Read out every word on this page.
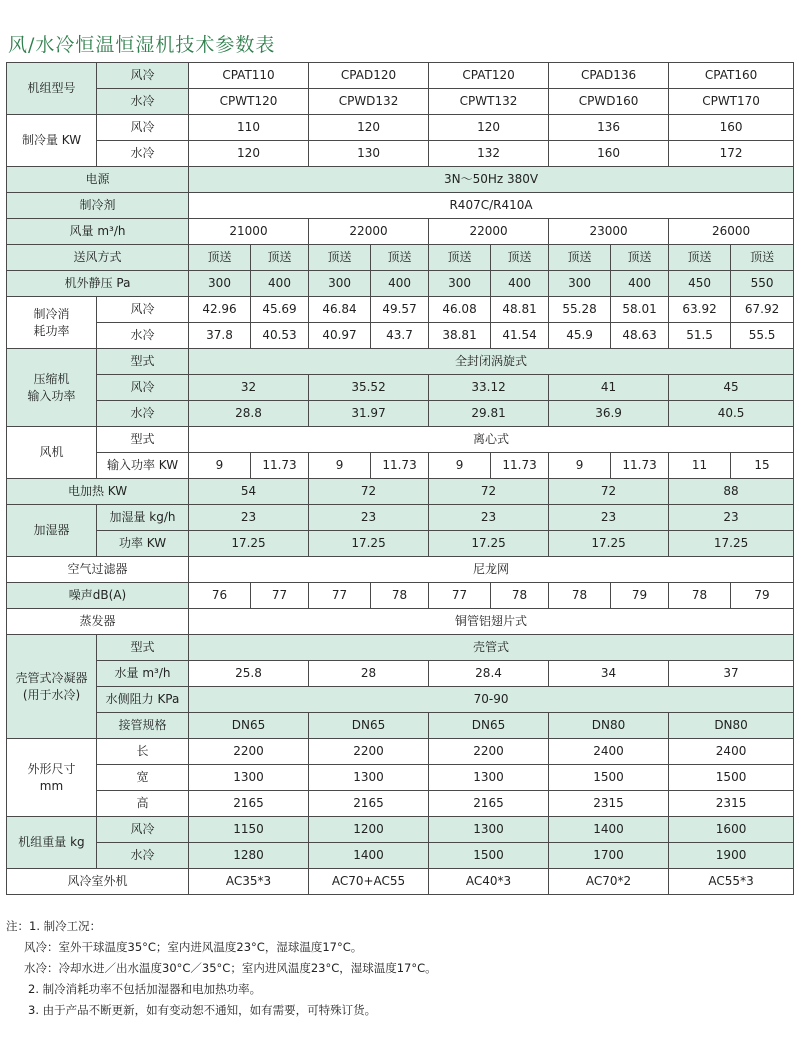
风/水冷恒温恒湿机技术参数表
机组型号	风冷	CPAT110		CPAD120		CPAT120		CPAD136		CPAT160	
	水冷	CPWT120		CPWD132		CPWT132		CPWD160		CPWT170	
制冷量 KW	风冷	110		120		120		136		160	
	水冷	120		130		132		160		172	
电源		3N～50Hz 380V									
制冷剂		R407C/R410A									
风量 m³/h		21000		22000		22000		23000		26000	
送风方式		顶送	顶送	顶送	顶送	顶送	顶送	顶送	顶送	顶送	顶送
机外静压 Pa		300	400	300	400	300	400	300	400	450	550
制冷消
耗功率	风冷	42.96	45.69	46.84	49.57	46.08	48.81	55.28	58.01	63.92	67.92
	水冷	37.8	40.53	40.97	43.7	38.81	41.54	45.9	48.63	51.5	55.5
压缩机
输入功率	型式	全封闭涡旋式									
	风冷	32		35.52		33.12		41		45	
	水冷	28.8		31.97		29.81		36.9		40.5	
风机	型式	离心式									
	输入功率 KW	9	11.73	9	11.73	9	11.73	9	11.73	11	15
电加热 KW		54		72		72		72		88	
加湿器	加湿量 kg/h	23		23		23		23		23	
	功率 KW	17.25		17.25		17.25		17.25		17.25	
空气过滤器		尼龙网									
噪声dB(A)		76	77	77	78	77	78	78	79	78	79
蒸发器		铜管铝翅片式									
壳管式冷凝器
(用于水冷)	型式	壳管式									
	水量 m³/h	25.8		28		28.4		34		37	
	水侧阻力 KPa	70-90									
	接管规格	DN65		DN65		DN65		DN80		DN80	
外形尺寸
mm	长	2200		2200		2200		2400		2400	
	宽	1300		1300		1300		1500		1500	
	高	2165		2165		2165		2315		2315	
机组重量 kg	风冷	1150		1200		1300		1400		1600	
	水冷	1280		1400		1500		1700		1900	
风冷室外机		AC35*3		AC70+AC55		AC40*3		AC70*2		AC55*3	
注：1. 制冷工况：
风冷：室外干球温度35°C；室内进风温度23°C，湿球温度17°C。
水冷：冷却水进／出水温度30°C／35°C；室内进风温度23°C，湿球温度17°C。
2. 制冷消耗功率不包括加湿器和电加热功率。
3. 由于产品不断更新，如有变动恕不通知，如有需要，可特殊订货。
